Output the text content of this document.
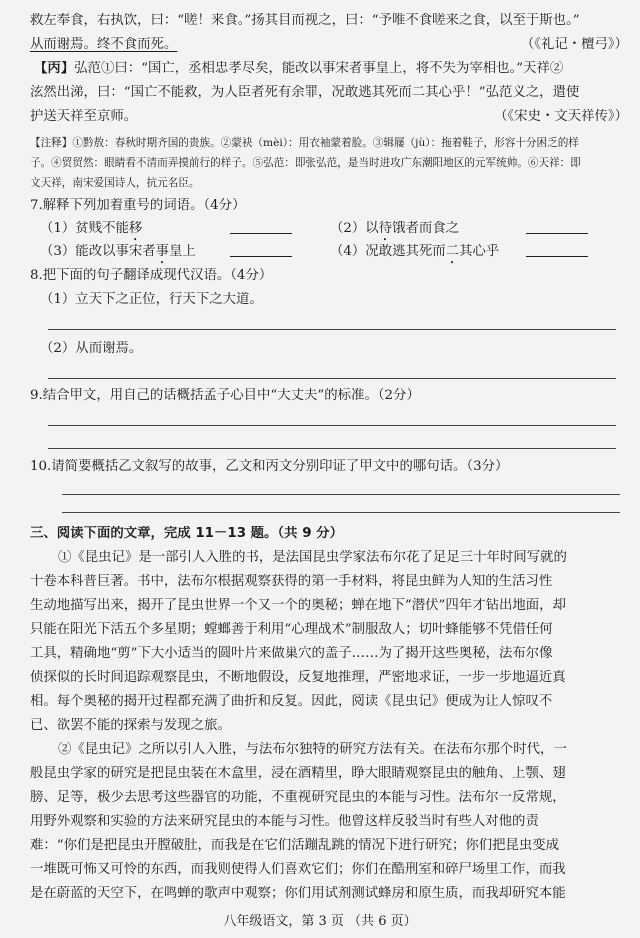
救左奉食，右执饮，曰：“嗟！来食。”扬其目而视之，曰：“予唯不食嗟来之食，以至于斯也。”
从而谢焉。终不食而死。	（《礼记・檀弓》）
【丙】弘范①曰：“国亡，丞相忠孝尽矣，能改以事宋者事皇上，将不失为宰相也。”天祥②
泫然出涕，曰：“国亡不能救，为人臣者死有余罪，况敢逃其死而二其心乎！”弘范义之，遣使
护送天祥至京师。	（《宋史・文天祥传》）
【注释】①黔敖：春秋时期齐国的贵族。②蒙袂（mèi）：用衣袖蒙着脸。③辑屦（jù）：拖着鞋子，形容十分困乏的样
子。④贸贸然：眼睛看不清而弄摸前行的样子。⑤弘范：即张弘范，是当时进攻广东潮阳地区的元军统帅。⑥天祥：即
文天祥，南宋爱国诗人，抗元名臣。
7.解释下列加着重号的词语。（4分）
（1）贫贱不能移	（2）以待饿者而食之
（3）能改以事宋者事皇上	（4）况敢逃其死而二其心乎
8.把下面的句子翻译成现代汉语。（4分）
（1）立天下之正位，行天下之大道。
（2）从而谢焉。
9.结合甲文，用自己的话概括孟子心目中“大丈夫”的标准。（2分）
10.请简要概括乙文叙写的故事，乙文和丙文分别印证了甲文中的哪句话。（3分）
三、阅读下面的文章，完成 11－13 题。（共 9 分）
①《昆虫记》是一部引人入胜的书，是法国昆虫学家法布尔花了足足三十年时间写就的
十卷本科普巨著。书中，法布尔根据观察获得的第一手材料，将昆虫鲜为人知的生活习性
生动地描写出来，揭开了昆虫世界一个又一个的奥秘；蝉在地下“潜伏”四年才钻出地面，却
只能在阳光下活五个多星期；螳螂善于利用“心理战术”制服敌人；切叶蜂能够不凭借任何
工具，精确地“剪”下大小适当的圆叶片来做巢穴的盖子……为了揭开这些奥秘，法布尔像
侦探似的长时间追踪观察昆虫，不断地假设，反复地推理，严密地求证，一步一步地逼近真
相。每个奥秘的揭开过程都充满了曲折和反复。因此，阅读《昆虫记》便成为让人惊叹不
已、欲罢不能的探索与发现之旅。
②《昆虫记》之所以引人入胜，与法布尔独特的研究方法有关。在法布尔那个时代，一
般昆虫学家的研究是把昆虫装在木盒里，浸在酒精里，睁大眼睛观察昆虫的触角、上颚、翅
膀、足等，极少去思考这些器官的功能，不重视研究昆虫的本能与习性。法布尔一反常规，
用野外观察和实验的方法来研究昆虫的本能与习性。他曾这样反驳当时有些人对他的责
难：“你们是把昆虫开膛破肚，而我是在它们活蹦乱跳的情况下进行研究；你们把昆虫变成
一堆既可怖又可怜的东西，而我则使得人们喜欢它们；你们在酷刑室和碎尸场里工作，而我
是在蔚蓝的天空下，在鸣蝉的歌声中观察；你们用试剂测试蜂房和原生质，而我却研究本能
八年级语文，第 3 页 （共 6 页）
